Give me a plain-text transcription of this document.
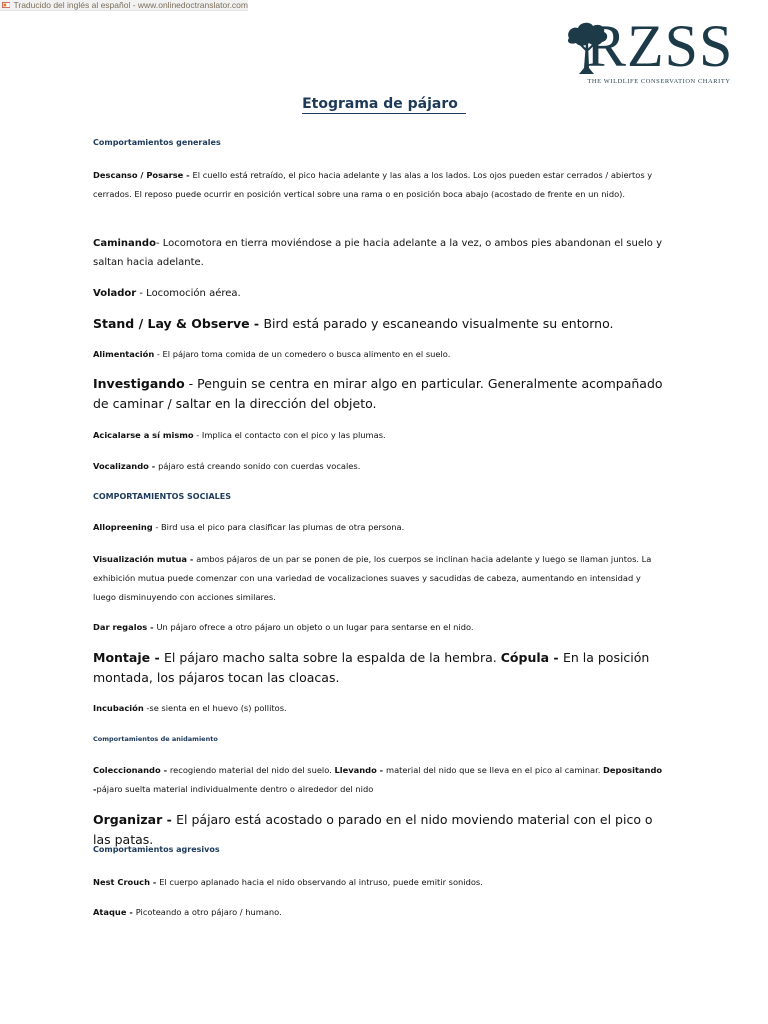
Traducido del inglés al español - www.onlinedoctranslator.com
RZSS
THE WILDLIFE CONSERVATION CHARITY
Etograma de pájaro

Comportamientos generales

Descanso / Posarse - El cuello está retraído, el pico hacia adelante y las alas a los lados. Los ojos pueden estar cerrados / abiertos y cerrados. El reposo puede ocurrir en posición vertical sobre una rama o en posición boca abajo (acostado de frente en un nido).

Caminando- Locomotora en tierra moviéndose a pie hacia adelante a la vez, o ambos pies abandonan el suelo y saltan hacia adelante.

Volador - Locomoción aérea.

Stand / Lay & Observe - Bird está parado y escaneando visualmente su entorno.

Alimentación - El pájaro toma comida de un comedero o busca alimento en el suelo.

Investigando - Penguin se centra en mirar algo en particular. Generalmente acompañado de caminar / saltar en la dirección del objeto.

Acicalarse a sí mismo - Implica el contacto con el pico y las plumas.

Vocalizando - pájaro está creando sonido con cuerdas vocales.

COMPORTAMIENTOS SOCIALES

Allopreening - Bird usa el pico para clasificar las plumas de otra persona.

Visualización mutua - ambos pájaros de un par se ponen de pie, los cuerpos se inclinan hacia adelante y luego se llaman juntos. La exhibición mutua puede comenzar con una variedad de vocalizaciones suaves y sacudidas de cabeza, aumentando en intensidad y luego disminuyendo con acciones similares.

Dar regalos - Un pájaro ofrece a otro pájaro un objeto o un lugar para sentarse en el nido.

Montaje - El pájaro macho salta sobre la espalda de la hembra. Cópula - En la posición montada, los pájaros tocan las cloacas.

Incubación -se sienta en el huevo (s) pollitos.

Comportamientos de anidamiento

Coleccionando - recogiendo material del nido del suelo. Llevando - material del nido que se lleva en el pico al caminar. Depositando -pájaro suelta material individualmente dentro o alrededor del nido

Organizar - El pájaro está acostado o parado en el nido moviendo material con el pico o las patas.

Comportamientos agresivos

Nest Crouch - El cuerpo aplanado hacia el nido observando al intruso, puede emitir sonidos.

Ataque - Picoteando a otro pájaro / humano.
